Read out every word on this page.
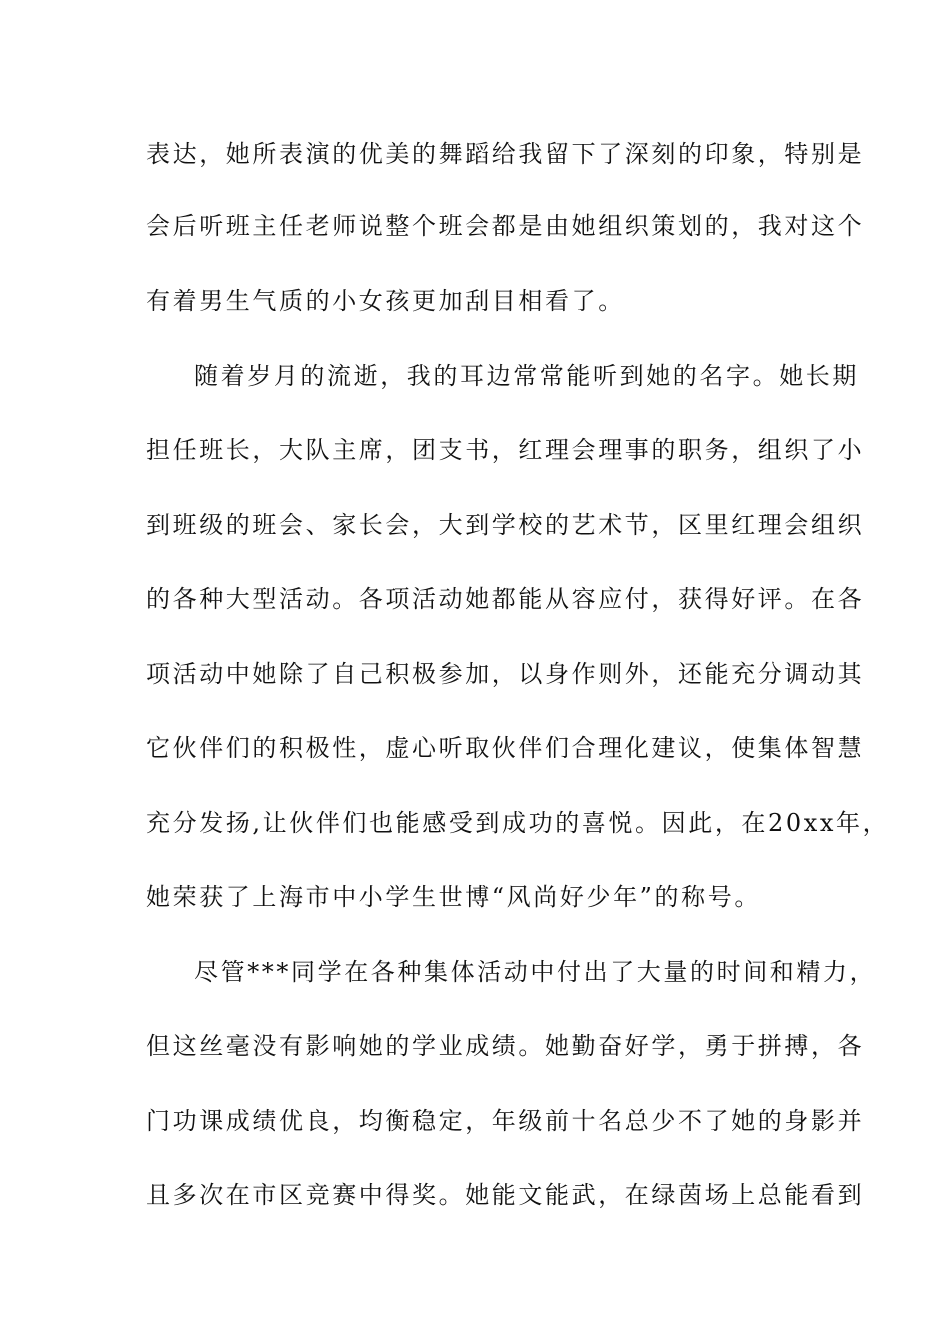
表达，她所表演的优美的舞蹈给我留下了深刻的印象，特别是
会后听班主任老师说整个班会都是由她组织策划的，我对这个
有着男生气质的小女孩更加刮目相看了。
随着岁月的流逝，我的耳边常常能听到她的名字。她长期
担任班长，大队主席，团支书，红理会理事的职务，组织了小
到班级的班会、家长会，大到学校的艺术节，区里红理会组织
的各种大型活动。各项活动她都能从容应付，获得好评。在各
项活动中她除了自己积极参加，以身作则外，还能充分调动其
它伙伴们的积极性，虚心听取伙伴们合理化建议，使集体智慧
充分发扬,让伙伴们也能感受到成功的喜悦。因此，在20xx年，
她荣获了上海市中小学生世博“风尚好少年”的称号。
尽管***同学在各种集体活动中付出了大量的时间和精力，
但这丝毫没有影响她的学业成绩。她勤奋好学，勇于拼搏，各
门功课成绩优良，均衡稳定，年级前十名总少不了她的身影并
且多次在市区竞赛中得奖。她能文能武，在绿茵场上总能看到
